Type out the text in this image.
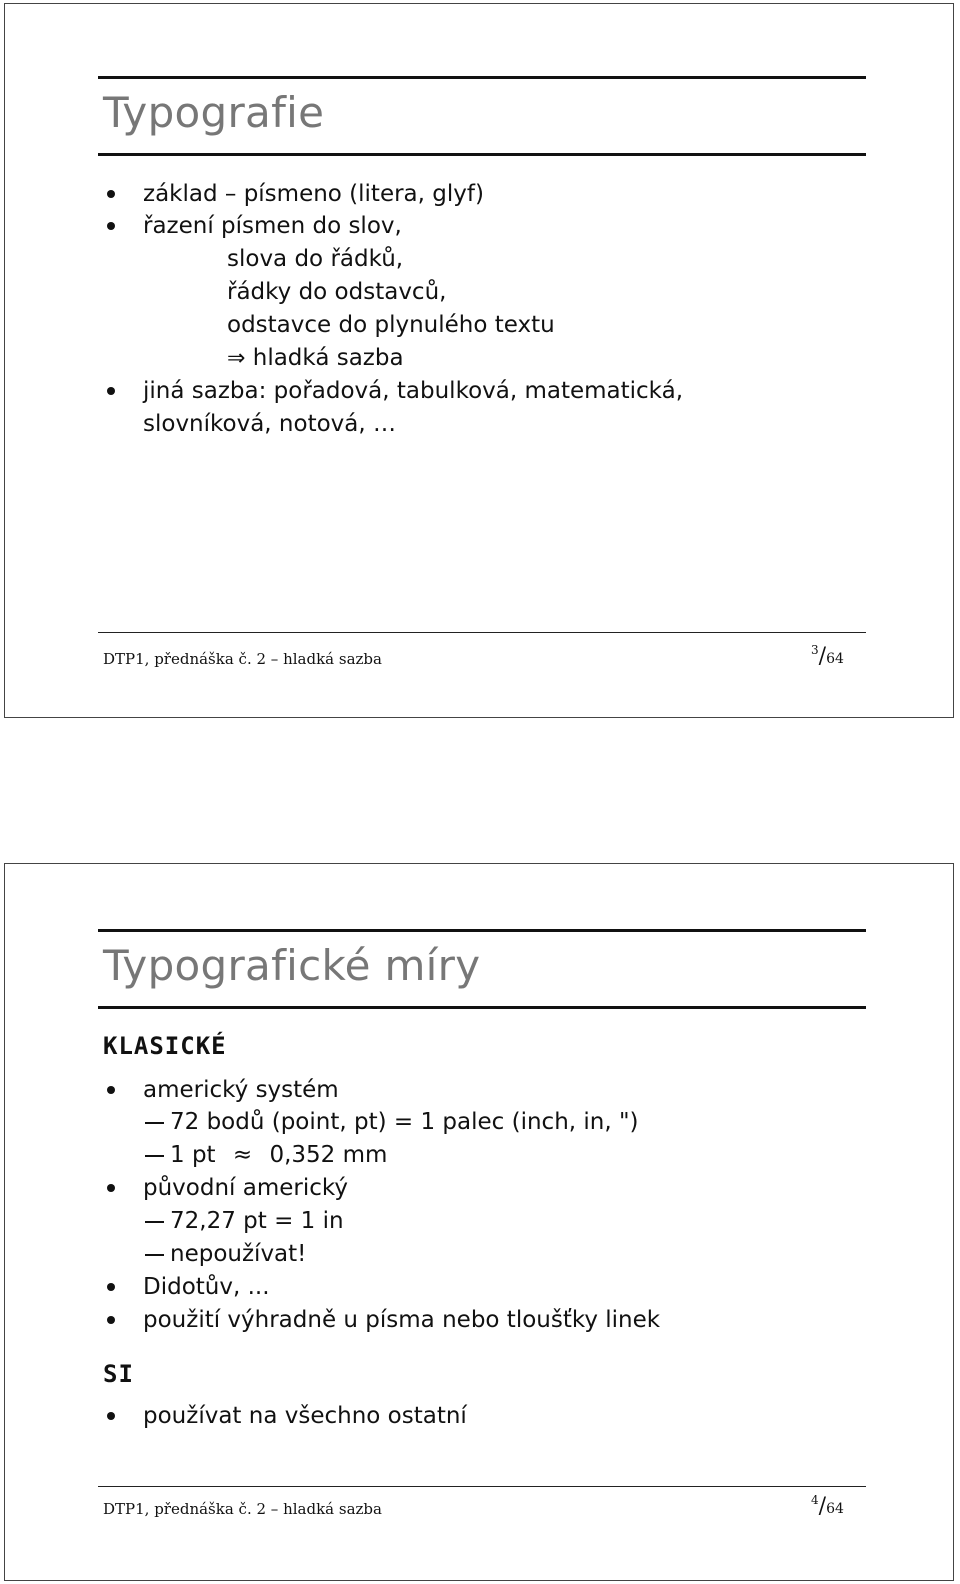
Typografie
základ – písmeno (litera, glyf)
řazení písmen do slov,
slova do řádků,
řádky do odstavců,
odstavce do plynulého textu
⇒ hladká sazba
jiná sazba: pořadová, tabulková, matematická,
slovníková, notová, …
DTP1, přednáška č. 2 – hladká sazba	$^3$/64
Typografické míry
KLASICKÉ
americký systém
72 bodů (point, pt) = 1 palec (inch, in, ")
1 pt ≈ 0,352 mm
původní americký
72,27 pt = 1 in
nepoužívat!
Didotův, ...
použití výhradně u písma nebo tloušťky linek
SI
používat na všechno ostatní
DTP1, přednáška č. 2 – hladká sazba	$^4$/64
